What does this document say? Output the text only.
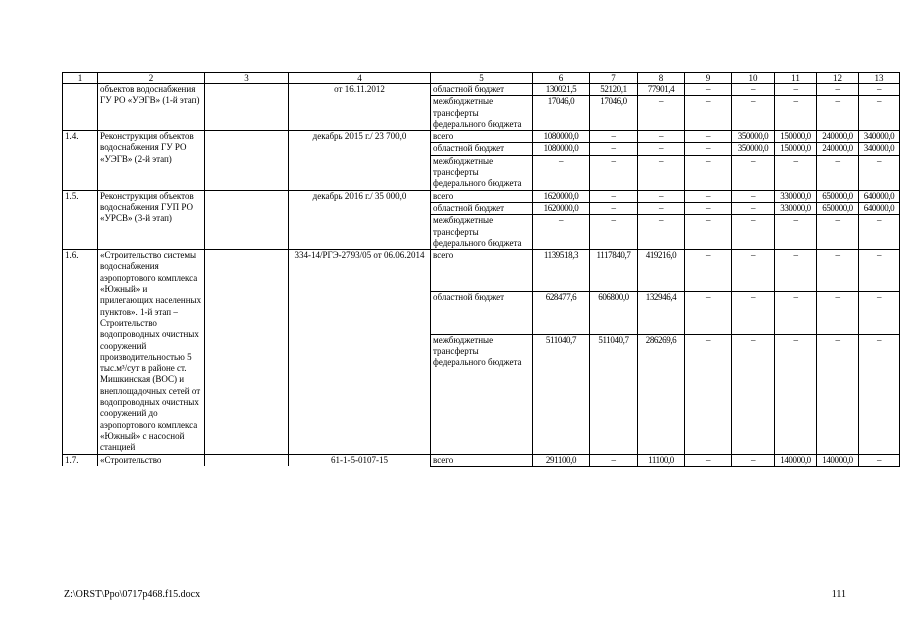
1	2	3	4	5	6	7	8	9	10	11	12	13
	объектов водоснабжения ГУ РО «УЭГВ» (1-й этап)		от 16.11.2012	областной бюджет	130021,5	52120,1	77901,4	–	–	–	–	–
				межбюджетные трансферты федерального бюджета	17046,0	17046,0	–	–	–	–	–	–
1.4.	Реконструкция объектов водоснабжения ГУ РО «УЭГВ» (2-й этап)		декабрь 2015 г./ 23 700,0	всего	1080000,0	–	–	–	350000,0	150000,0	240000,0	340000,0
				областной бюджет	1080000,0	–	–	–	350000,0	150000,0	240000,0	340000,0
				межбюджетные трансферты федерального бюджета	–	–	–	–	–	–	–	–
1.5.	Реконструкция объектов водоснабжения ГУП РО «УРСВ» (3-й этап)		декабрь 2016 г./ 35 000,0	всего	1620000,0	–	–	–	–	330000,0	650000,0	640000,0
				областной бюджет	1620000,0	–	–	–	–	330000,0	650000,0	640000,0
				межбюджетные трансферты федерального бюджета	–	–	–	–	–	–	–	–
1.6.	«Строительство системы водоснабжения аэропортового комплекса «Южный» и прилегающих населенных пунктов». 1-й этап – Строительство водопроводных очистных сооружений производительностью 5 тыс.м³/сут в районе ст. Мишкинская (ВОС) и внеплощадочных сетей от водопроводных очистных сооружений до аэропортового комплекса «Южный» с насосной станцией		334-14/РГЭ-2793/05 от 06.06.2014	всего	1139518,3	1117840,7	419216,0	–	–	–	–	–
				областной бюджет	628477,6	606800,0	132946,4	–	–	–	–	–
				межбюджетные трансферты федерального бюджета	511040,7	511040,7	286269,6	–	–	–	–	–
1.7.	«Строительство		61-1-5-0107-15	всего	291100,0	–	11100,0	–	–	140000,0	140000,0	–
Z:\ORST\Ppo\0717p468.f15.docx	111
